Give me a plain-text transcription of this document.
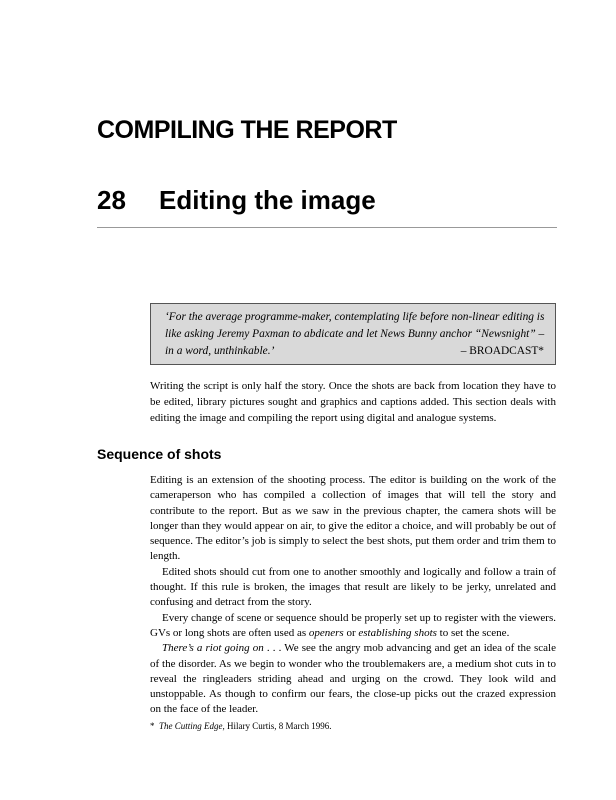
COMPILING THE REPORT
28 Editing the image
‘For the average programme-maker, contemplating life before non-linear editing is
like asking Jeremy Paxman to abdicate and let News Bunny anchor “Newsnight” –
in a word, unthinkable.’	– BROADCAST*
Writing the script is only half the story. Once the shots are back from location they have to be edited, library pictures sought and graphics and captions added. This section deals with editing the image and compiling the report using digital and analogue systems.
Sequence of shots

Editing is an extension of the shooting process. The editor is building on the work of the cameraperson who has compiled a collection of images that will tell the story and contribute to the report. But as we saw in the previous chapter, the camera shots will be longer than they would appear on air, to give the editor a choice, and will probably be out of sequence. The editor’s job is simply to select the best shots, put them order and trim them to length.

Edited shots should cut from one to another smoothly and logically and follow a train of thought. If this rule is broken, the images that result are likely to be jerky, unrelated and confusing and detract from the story.

Every change of scene or sequence should be properly set up to register with the viewers. GVs or long shots are often used as openers or establishing shots to set the scene.

There’s a riot going on . . . We see the angry mob advancing and get an idea of the scale of the disorder. As we begin to wonder who the troublemakers are, a medium shot cuts in to reveal the ringleaders striding ahead and urging on the crowd. They look wild and unstoppable. As though to confirm our fears, the close-up picks out the crazed expression on the face of the leader.

* The Cutting Edge, Hilary Curtis, 8 March 1996.
